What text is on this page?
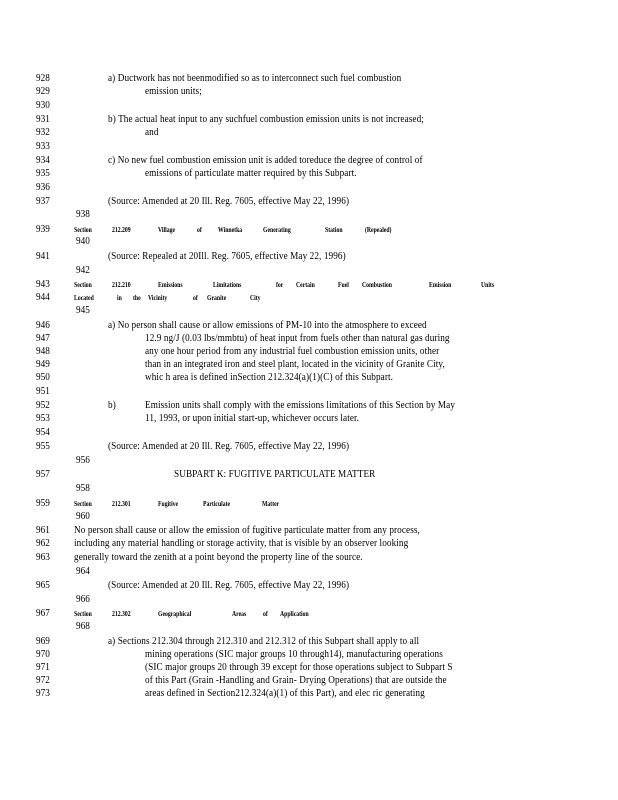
928	a) Ductwork has not beenmodified so as to interconnect such fuel combustion
929	emission units;
930
931	b) The actual heat input to any suchfuel combustion emission units is not increased;
932	and
933
934	c) No new fuel combustion emission unit is added toreduce the degree of control of
935	emissions of particulate matter required by this Subpart.
936
937	(Source: Amended at 20 Ill. Reg. 7605, effective May 22, 1996)
938
939	Section	212.209	Village	of Winnetka	Generating	Station	(Repealed)
940
941	(Source: Repealed at 20Ill. Reg. 7605, effective May 22, 1996)
942
943	Section	212.210	Emissions	Limitations	for Certain	Fuel Combustion	Emission	Units
944	Located	in the Vicinity	of Granite	City
945
946	a) No person shall cause or allow emissions of PM-10 into the atmosphere to exceed
947	12.9 ng/J (0.03 lbs/mmbtu) of heat input from fuels other than natural gas during
948	any one hour period from any industrial fuel combustion emission units, other
949	than in an integrated iron and steel plant, located in the vicinity of Granite City,
950	whic h area is defined inSection 212.324(a)(1)(C) of this Subpart.
951
952	b)	Emission units shall comply with the emissions limitations of this Section by May
953	11, 1993, or upon initial start-up, whichever occurs later.
954
955	(Source: Amended at 20 Ill. Reg. 7605, effective May 22, 1996)
956
957	SUBPART K: FUGITIVE PARTICULATE MATTER
958
959	Section	212.301	Fugitive	Particulate	Matter
960
961 No person shall cause or allow the emission of fugitive particulate matter from any process,
962 including any material handling or storage activity, that is visible by an observer looking
963 generally toward the zenith at a point beyond the property line of the source.
964
965	(Source: Amended at 20 Ill. Reg. 7605, effective May 22, 1996)
966
967	Section	212.302	Geographical	Areas of Application
968
969	a) Sections 212.304 through 212.310 and 212.312 of this Subpart shall apply to all
970	mining operations (SIC major groups 10 through14), manufacturing operations
971	(SIC major groups 20 through 39 except for those operations subject to Subpart S
972	of this Part (Grain -Handling and Grain- Drying Operations) that are outside the
973	areas defined in Section212.324(a)(1) of this Part), and elec ric generating
